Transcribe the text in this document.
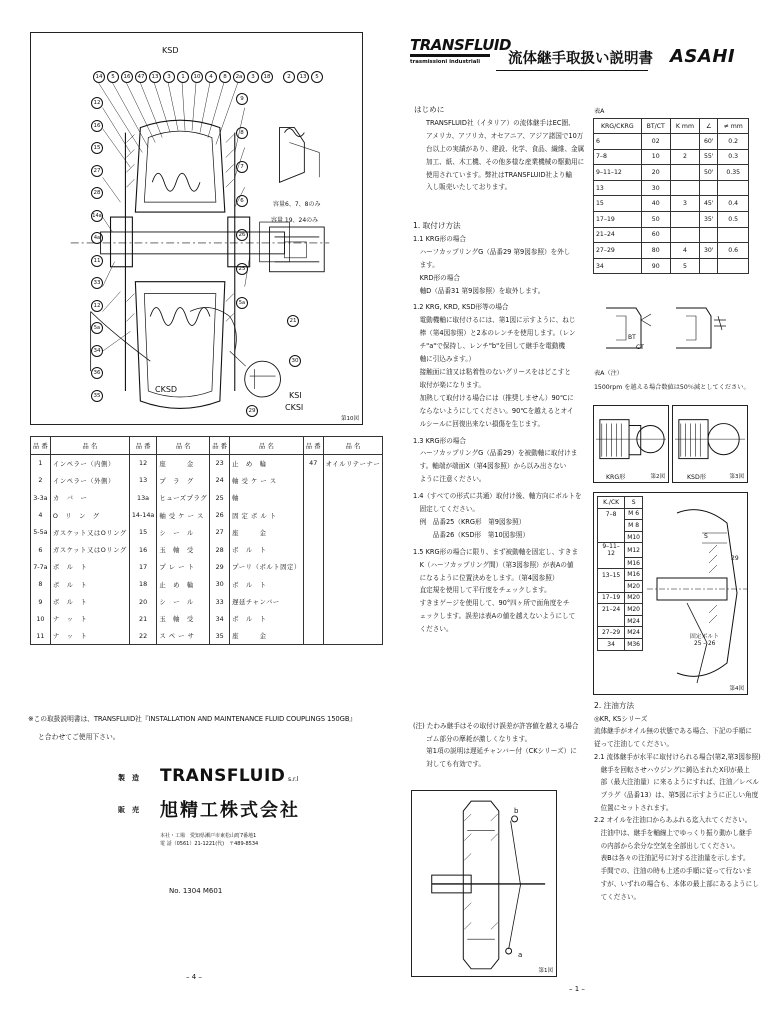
KSD
CKSD
KSI
CKSI
容量6、7、8のみ
容量 19、24のみ
第10図
14	5	16	47	13	3	1	10	4	8	2a	3	18	2	13	5
12
16
15
27
28
14a
4a
11
33
12
5a
34
36
35
9
8
7
6
26
25
5a
21
30
29
品 番	品 名	品 番	品 名	品 番	品 名	品 番	品 名
1	インペラー（内側）	12	座　　　金	23	止　め　輪	47	オイルリテーナー
2	インペラー（外側）	13	プ　ラ　グ	24	軸 受 ケ ー ス		
3-3a	カ　バ　ー	13a	ヒューズプラグ	25	軸		
4	O　リ　ン　グ	14-14a	軸 受 ケ ー ス	26	固 定 ボ ル ト		
5-5a	ガスケット又はOリング	15	シ　ー　ル	27	座　　　金		
6	ガスケット又はOリング	16	玉　軸　受	28	ボ　ル　ト		
7-7a	ボ　ル　ト	17	プ レ ー ト	29	プーリ（ボルト固定）		
8	ボ　ル　ト	18	止　め　輪	30	ボ　ル　ト		
9	ボ　ル　ト	20	シ　ー　ル	33	遅延チャンバー		
10	ナ　ッ　ト	21	玉　軸　受	34	ボ　ル　ト		
11	ナ　ッ　ト	22	ス ペ ー サ	35	座　　　金		
※この取扱説明書は、TRANSFLUID社『INSTALLATION AND MAINTENANCE FLUID COUPLINGS 150GB』
と合わせてご使用下さい。
製　造 TRANSFLUID s.r.l
販　売 旭精工株式会社
本社・工場　愛知県瀬戸市東松山町7番地1
電 話（0561）21-1221(代)　〒489-8534
No. 1304 M601
– 4 –
TRANSFLUID
trasmissioni industriali	流体継手取扱い説明書 ASAHI
はじめに
TRANSFLUID社（イタリア）の流体継手はEC圏、
アメリカ、アフリカ、オセアニア、アジア諸国で10万
台以上の実績があり、建設、化学、食品、繊維、金属
加工、紙、木工機、その他多様な産業機械の駆動用に
使用されています。弊社はTRANSFLUID社より輸
入し販売いたしております。
1. 取付け方法
1.1 KRG形の場合
　ハーフカップリングG（品番29 第9図参照）を外し
　ます。
　KRD形の場合
　軸D（品番31 第9図参照）を取外します。
1.2 KRG, KRD, KSD形等の場合
　電動機軸に取付けるには、第1図に示すように、ねじ
　棒（第4図参照）と2本のレンチを使用します。（レン
　チ"a"で保持し、レンチ"b"を回して継手を電動機
　軸に引込みます。）
　接触面に油又は粘着性のないグリースをはどこすと
　取付が楽になります。
　加熱して取付ける場合には（推奨しません）90℃に
　ならないようにしてください。90℃を越えるとオイ
　ルシールに回復出来ない損傷を生じます。
1.3 KRG形の場合
　ハーフカップリングG（品番29）を被動軸に取付けま
　す。軸端が端面X（第4図参照）から以み出さない
　ように注意ください。
1.4（すべての形式に共通）取付け後、軸方向にボルトを
　固定してください。
　例　品番25（KRG形　第9図参照）
　　　品番26（KSD形　第10図参照）
1.5 KRG形の場合に限り、まず被動軸を固定し、すきま
　K（ハーフカップリング間）（第3図参照）が表Aの値
　になるように位置決めをします。（第4図参照）
　直定規を使用して平行度をチェックします。
　すきまゲージを使用して、90°四ヶ所で面角度をチ
　ェックします。誤差は表Aの値を越えないようにして
　ください。
(注) たわみ継手はその取付け誤差が許容値を越える場合
　　ゴム部分の摩耗が激しくなります。
　　第1項の説明は遅延チャンバー付（CKシリーズ）に
　　対しても有効です。
a
b
第1図
表A
KRG/CKRG	BT/CT	K mm	∠	≠ mm
6	02		60'	0.2
7–8	10	2	55'	0.3
9–11–12	20		50'	0.35
13	30			
15	40	3	45'	0.4
17–19	50		35'	0.5
21–24	60			
27–29	80	4	30'	0.6
34	90	5		
BT
CT
表A（注）
1500rpm を越える場合数値は50％減としてください。
KRG形	第2図	KSD形	第3図
K./CK	S
7–8	M 6
	M 8
	M10
9–11–12	M12
	M16
13–15	M16
	M20
17–19	M20
21–24	M20
	M24
27–29	M24
34	M36
S
29
固定ボルト
25 – 26
第4図
2. 注油方法
◎KR, KSシリーズ
流体継手がオイル無の状態である場合、下記の手順に
従って注油してください。
2.1 流体継手が水平に取付けられる場合(第2,第3図参照)
　継手を回転させハウジングに鋳込まれたX印が最上
　部（最大注油量）に来るようにすれば、注油／レベル
　プラグ（品番13）は、第5図に示すように正しい角度
　位置にセットされます。
2.2 オイルを注油口からあふれる迄入れてください。
　注油中は、継手を軸線上でゆっくり振り動かし継手
　の内部から余分な空気を全部出してください。
　表Bは各々の注油記号に対する注油量を示します。
　手間での、注油の時も上述の手順に従って行ないま
　すが、いずれの場合も、本体の最上部にあるようにし
　てください。
– 1 –
